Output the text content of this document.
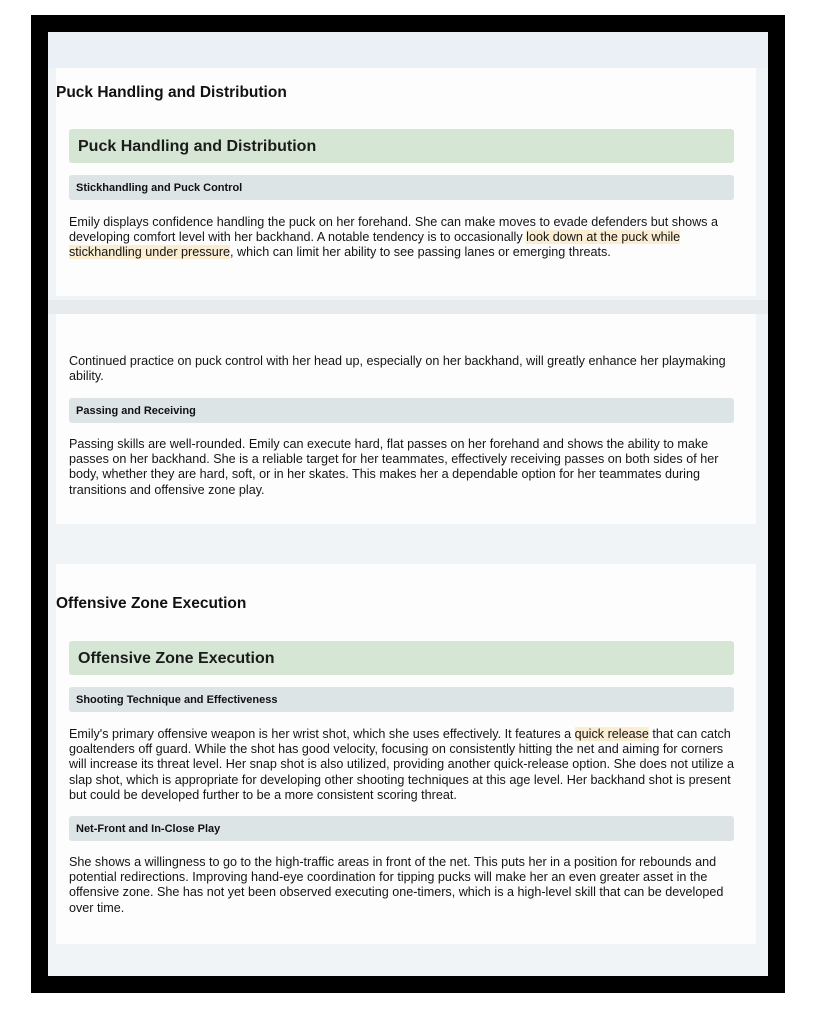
Puck Handling and Distribution
Puck Handling and Distribution
Stickhandling and Puck Control
Emily displays confidence handling the puck on her forehand. She can make moves to evade defenders but shows a developing comfort level with her backhand. A notable tendency is to occasionally look down at the puck while stickhandling under pressure, which can limit her ability to see passing lanes or emerging threats.
Continued practice on puck control with her head up, especially on her backhand, will greatly enhance her playmaking ability.
Passing and Receiving
Passing skills are well-rounded. Emily can execute hard, flat passes on her forehand and shows the ability to make passes on her backhand. She is a reliable target for her teammates, effectively receiving passes on both sides of her body, whether they are hard, soft, or in her skates. This makes her a dependable option for her teammates during transitions and offensive zone play.
Offensive Zone Execution
Offensive Zone Execution
Shooting Technique and Effectiveness
Emily's primary offensive weapon is her wrist shot, which she uses effectively. It features a quick release that can catch goaltenders off guard. While the shot has good velocity, focusing on consistently hitting the net and aiming for corners will increase its threat level. Her snap shot is also utilized, providing another quick-release option. She does not utilize a slap shot, which is appropriate for developing other shooting techniques at this age level. Her backhand shot is present but could be developed further to be a more consistent scoring threat.
Net-Front and In-Close Play
She shows a willingness to go to the high-traffic areas in front of the net. This puts her in a position for rebounds and potential redirections. Improving hand-eye coordination for tipping pucks will make her an even greater asset in the offensive zone. She has not yet been observed executing one-timers, which is a high-level skill that can be developed over time.
